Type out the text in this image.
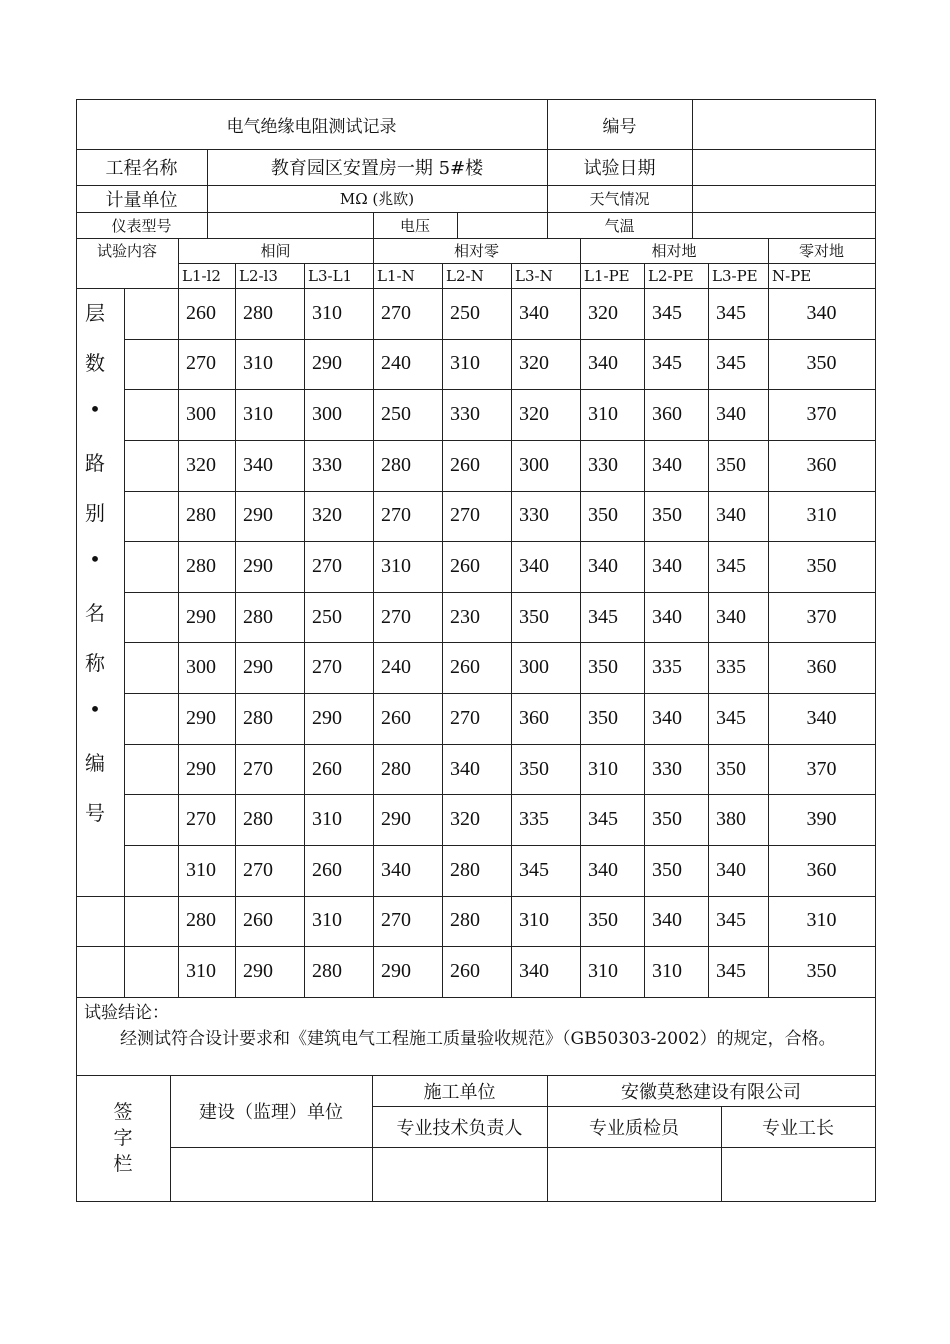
电气绝缘电阻测试记录	编号
工程名称	教育园区安置房一期 5#楼	试验日期
计量单位	MΩ (兆欧)	天气情况
仪表型号	电压	气温
试验内容	相间	相对零	相对地	零对地
L1-l2	L2-l3	L3-L1	L1-N	L2-N	L3-N	L1-PE	L2-PE	L3-PE N-PE
260	280	310	270	250	340	320	345	345	340
270	310	290	240	310	320	340	345	345	350
300	310	300	250	330	320	310	360	340	370
320	340	330	280	260	300	330	340	350	360
280	290	320	270	270	330	350	350	340	310
280	290	270	310	260	340	340	340	345	350
290	280	250	270	230	350	345	340	340	370
300	290	270	240	260	300	350	335	335	360
290	280	290	260	270	360	350	340	345	340
290	270	260	280	340	350	310	330	350	370
270	280	310	290	320	335	345	350	380	390
310	270	260	340	280	345	340	350	340	360
280	260	310	270	280	310	350	340	345	310
310	290	280	290	260	340	310	310	345	350
层
数
•
路
别
•
名
称
•
编
号
试验结论：
经测试符合设计要求和《建筑电气工程施工质量验收规范》（GB50303-2002）的规定，合格。
签
字
栏
建设（监理）单位
施工单位	安徽莫愁建设有限公司
专业技术负责人	专业质检员	专业工长
